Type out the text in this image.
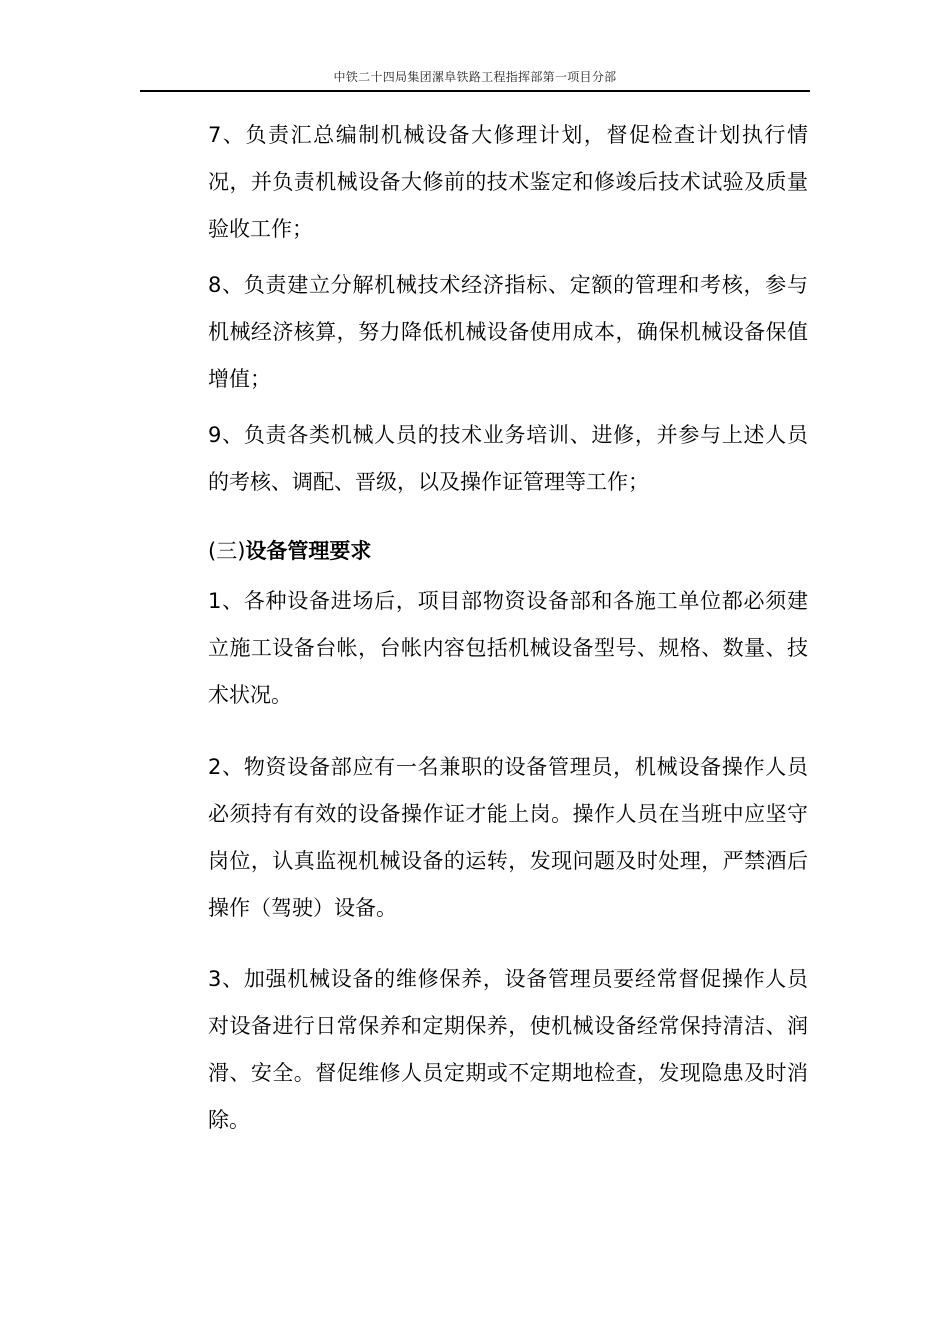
中铁二十四局集团漯阜铁路工程指挥部第一项目分部

7、负责汇总编制机械设备大修理计划，督促检查计划执行情况，并负责机械设备大修前的技术鉴定和修竣后技术试验及质量验收工作；

8、负责建立分解机械技术经济指标、定额的管理和考核，参与机械经济核算，努力降低机械设备使用成本，确保机械设备保值增值；

9、负责各类机械人员的技术业务培训、进修，并参与上述人员的考核、调配、晋级，以及操作证管理等工作；

(三)设备管理要求

1、各种设备进场后，项目部物资设备部和各施工单位都必须建立施工设备台帐，台帐内容包括机械设备型号、规格、数量、技术状况。

2、物资设备部应有一名兼职的设备管理员，机械设备操作人员必须持有有效的设备操作证才能上岗。操作人员在当班中应坚守岗位，认真监视机械设备的运转，发现问题及时处理，严禁酒后操作（驾驶）设备。

3、加强机械设备的维修保养，设备管理员要经常督促操作人员对设备进行日常保养和定期保养，使机械设备经常保持清洁、润滑、安全。督促维修人员定期或不定期地检查，发现隐患及时消除。
